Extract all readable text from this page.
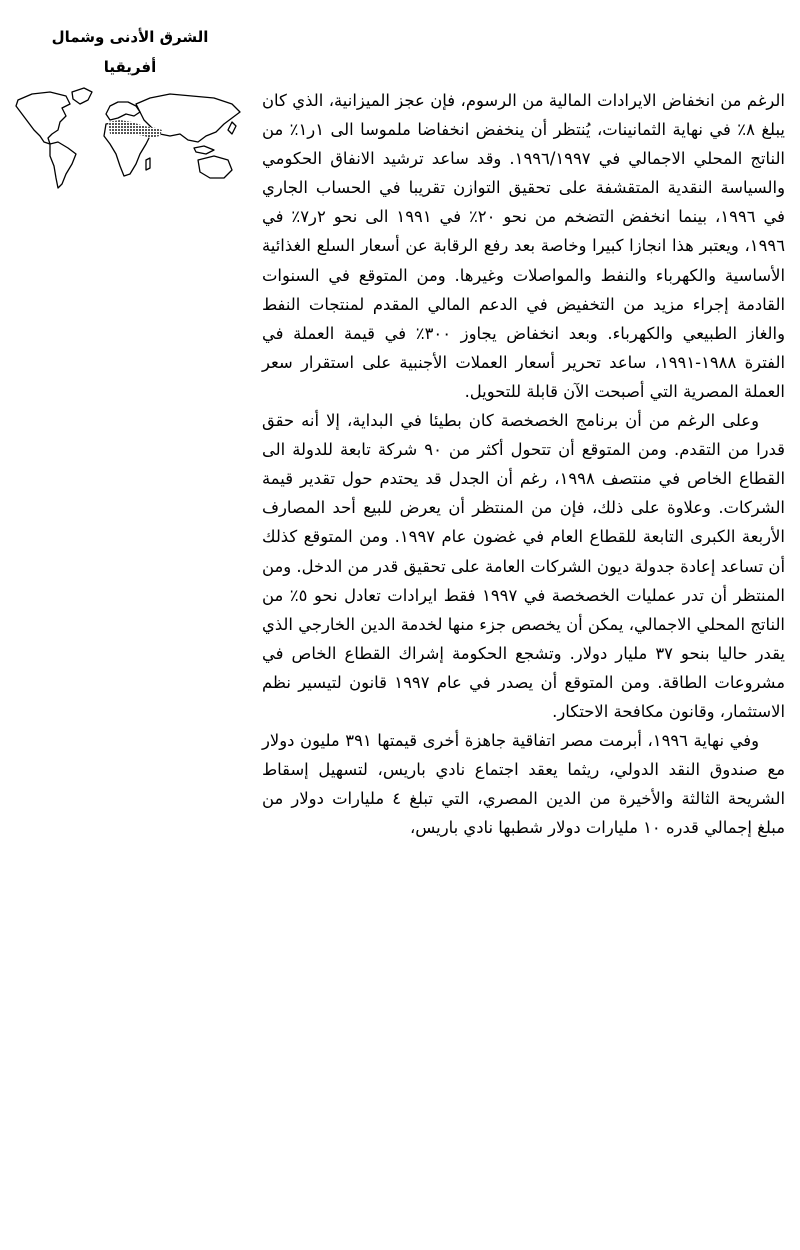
الشرق الأدنى وشمال
أفريقيا

الرغم من انخفاض الايرادات المالية من الرسوم، فإن عجز الميزانية، الذي كان يبلغ ٨٪ في نهاية الثمانينات، يُنتظر أن ينخفض انخفاضا ملموسا الى ١ر١٪ من الناتج المحلي الاجمالي في ١٩٩٦/١٩٩٧. وقد ساعد ترشيد الانفاق الحكومي والسياسة النقدية المتقشفة على تحقيق التوازن تقريبا في الحساب الجاري في ١٩٩٦، بينما انخفض التضخم من نحو ٢٠٪ في ١٩٩١ الى نحو ٢ر٧٪ في ١٩٩٦، ويعتبر هذا انجازا كبيرا وخاصة بعد رفع الرقابة عن أسعار السلع الغذائية الأساسية والكهرباء والنفط والمواصلات وغيرها. ومن المتوقع في السنوات القادمة إجراء مزيد من التخفيض في الدعم المالي المقدم لمنتجات النفط والغاز الطبيعي والكهرباء. وبعد انخفاض يجاوز ٣٠٠٪ في قيمة العملة في الفترة ١٩٨٨-١٩٩١، ساعد تحرير أسعار العملات الأجنبية على استقرار سعر العملة المصرية التي أصبحت الآن قابلة للتحويل.

وعلى الرغم من أن برنامج الخصخصة كان بطيئا في البداية، إلا أنه حقق قدرا من التقدم. ومن المتوقع أن تتحول أكثر من ٩٠ شركة تابعة للدولة الى القطاع الخاص في منتصف ١٩٩٨، رغم أن الجدل قد يحتدم حول تقدير قيمة الشركات. وعلاوة على ذلك، فإن من المنتظر أن يعرض للبيع أحد المصارف الأربعة الكبرى التابعة للقطاع العام في غضون عام ١٩٩٧. ومن المتوقع كذلك أن تساعد إعادة جدولة ديون الشركات العامة على تحقيق قدر من الدخل. ومن المنتظر أن تدر عمليات الخصخصة في ١٩٩٧ فقط ايرادات تعادل نحو ٥٪ من الناتج المحلي الاجمالي، يمكن أن يخصص جزء منها لخدمة الدين الخارجي الذي يقدر حاليا بنحو ٣٧ مليار دولار. وتشجع الحكومة إشراك القطاع الخاص في مشروعات الطاقة. ومن المتوقع أن يصدر في عام ١٩٩٧ قانون لتيسير نظم الاستثمار، وقانون مكافحة الاحتكار.

وفي نهاية ١٩٩٦، أبرمت مصر اتفاقية جاهزة أخرى قيمتها ٣٩١ مليون دولار مع صندوق النقد الدولي، ريثما يعقد اجتماع نادي باريس، لتسهيل إسقاط الشريحة الثالثة والأخيرة من الدين المصري، التي تبلغ ٤ مليارات دولار من مبلغ إجمالي قدره ١٠ مليارات دولار شطبها نادي باريس،
